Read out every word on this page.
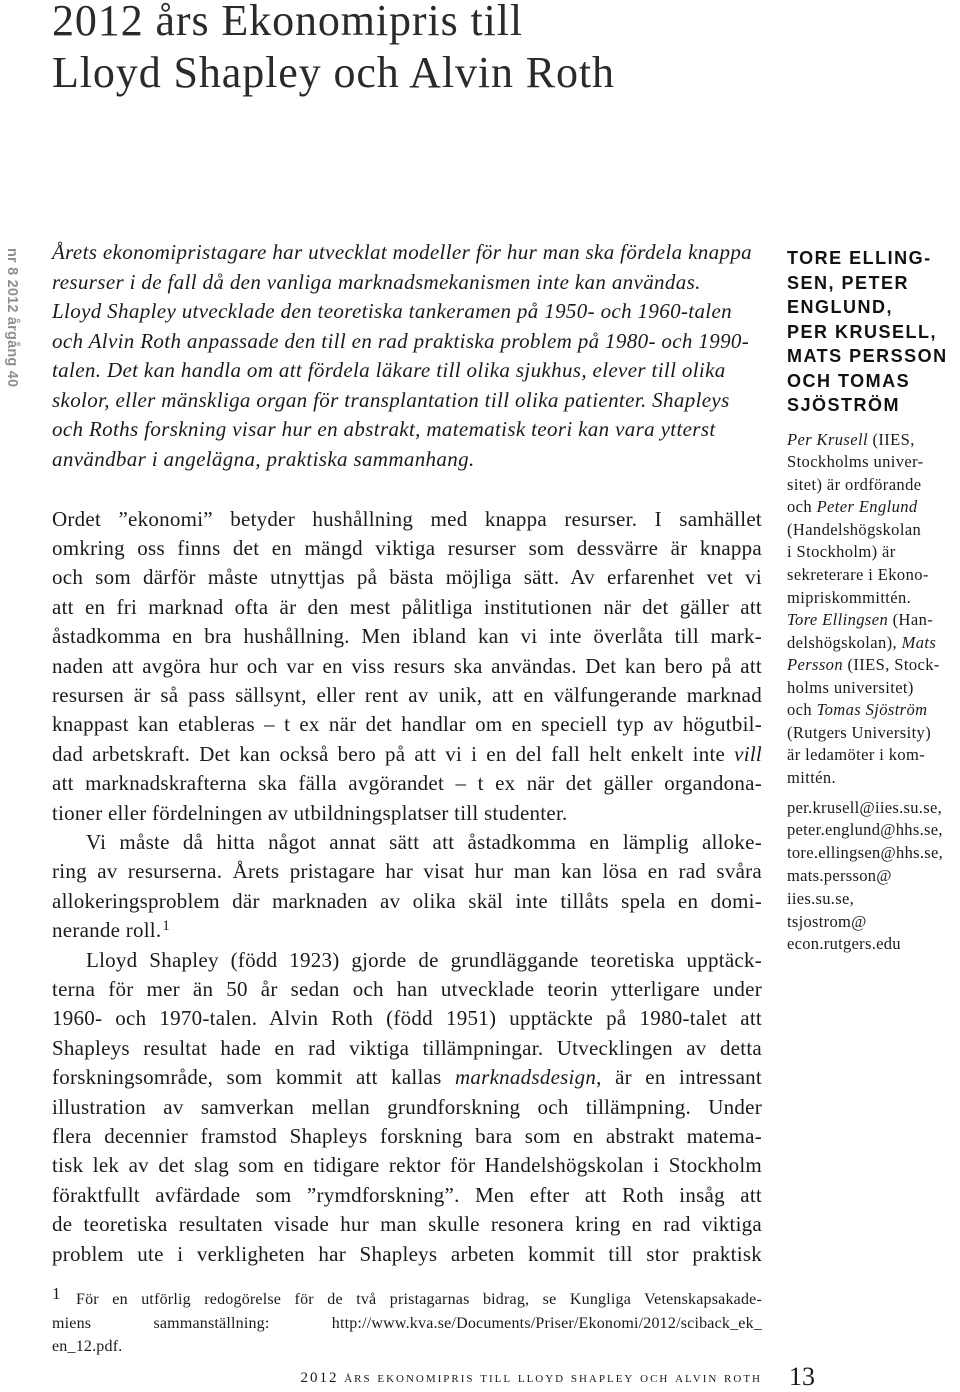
2012 års Ekonomipris till
Lloyd Shapley och Alvin Roth
nr 8 2012 årgång 40 Årets ekonomipristagare har utvecklat modeller för hur man ska fördela knappa
resurser i de fall då den vanliga marknadsmekanismen inte kan användas.
Lloyd Shapley utvecklade den teoretiska tankeramen på 1950- och 1960-talen
och Alvin Roth anpassade den till en rad praktiska problem på 1980- och 1990-
talen. Det kan handla om att fördela läkare till olika sjukhus, elever till olika
skolor, eller mänskliga organ för transplantation till olika patienter. Shapleys
och Roths forskning visar hur en abstrakt, matematisk teori kan vara ytterst
användbar i angelägna, praktiska sammanhang.

Ordet ”ekonomi” betyder hushållning med knappa resurser. I samhället
omkring oss finns det en mängd viktiga resurser som dessvärre är knappa
och som därför måste utnyttjas på bästa möjliga sätt. Av erfarenhet vet vi
att en fri marknad ofta är den mest pålitliga institutionen när det gäller att
åstadkomma en bra hushållning. Men ibland kan vi inte överlåta till mark-
naden att avgöra hur och var en viss resurs ska användas. Det kan bero på att
resursen är så pass sällsynt, eller rent av unik, att en välfungerande marknad
knappast kan etableras – t ex när det handlar om en speciell typ av högutbil-
dad arbetskraft. Det kan också bero på att vi i en del fall helt enkelt inte vill
att marknadskrafterna ska fälla avgörandet – t ex när det gäller organdona-
tioner eller fördelningen av utbildningsplatser till studenter.

Vi måste då hitta något annat sätt att åstadkomma en lämplig alloke-
ring av resurserna. Årets pristagare har visat hur man kan lösa en rad svåra
allokeringsproblem där marknaden av olika skäl inte tillåts spela en domi-
nerande roll.$^1$

Lloyd Shapley (född 1923) gjorde de grundläggande teoretiska upptäck-
terna för mer än 50 år sedan och han utvecklade teorin ytterligare under
1960- och 1970-talen. Alvin Roth (född 1951) upptäckte på 1980-talet att
Shapleys resultat hade en rad viktiga tillämpningar. Utvecklingen av detta
forskningsområde, som kommit att kallas marknadsdesign, är en intressant
illustration av samverkan mellan grundforskning och tillämpning. Under
flera decennier framstod Shapleys forskning bara som en abstrakt matema-
tisk lek av det slag som en tidigare rektor för Handelshögskolan i Stockholm
föraktfullt avfärdade som ”rymdforskning”. Men efter att Roth insåg att
de teoretiska resultaten visade hur man skulle resonera kring en rad viktiga
problem ute i verkligheten har Shapleys arbeten kommit till stor praktisk

1 För en utförlig redogörelse för de två pristagarnas bidrag, se Kungliga Vetenskapsakade-
miens sammanställning: http://www.kva.se/Documents/Priser/Ekonomi/2012/sciback_ek_
en_12.pdf.
2012 års ekonomipris till lloyd shapley och alvin roth 13
TORE ELLING-
SEN, PETER
ENGLUND,
PER KRUSELL,
MATS PERSSON
OCH TOMAS
SJÖSTRÖM
Per Krusell (IIES,
Stockholms univer-
sitet) är ordförande
och Peter Englund
(Handelshögskolan
i Stockholm) är
sekreterare i Ekono-
mipriskommittén.
Tore Ellingsen (Han-
delshögskolan), Mats
Persson (IIES, Stock-
holms universitet)
och Tomas Sjöström
(Rutgers University)
är ledamöter i kom-
mittén.
per.krusell@iies.su.se,
peter.englund@hhs.se,
tore.ellingsen@hhs.se,
mats.persson@
iies.su.se,
tsjostrom@
econ.rutgers.edu
